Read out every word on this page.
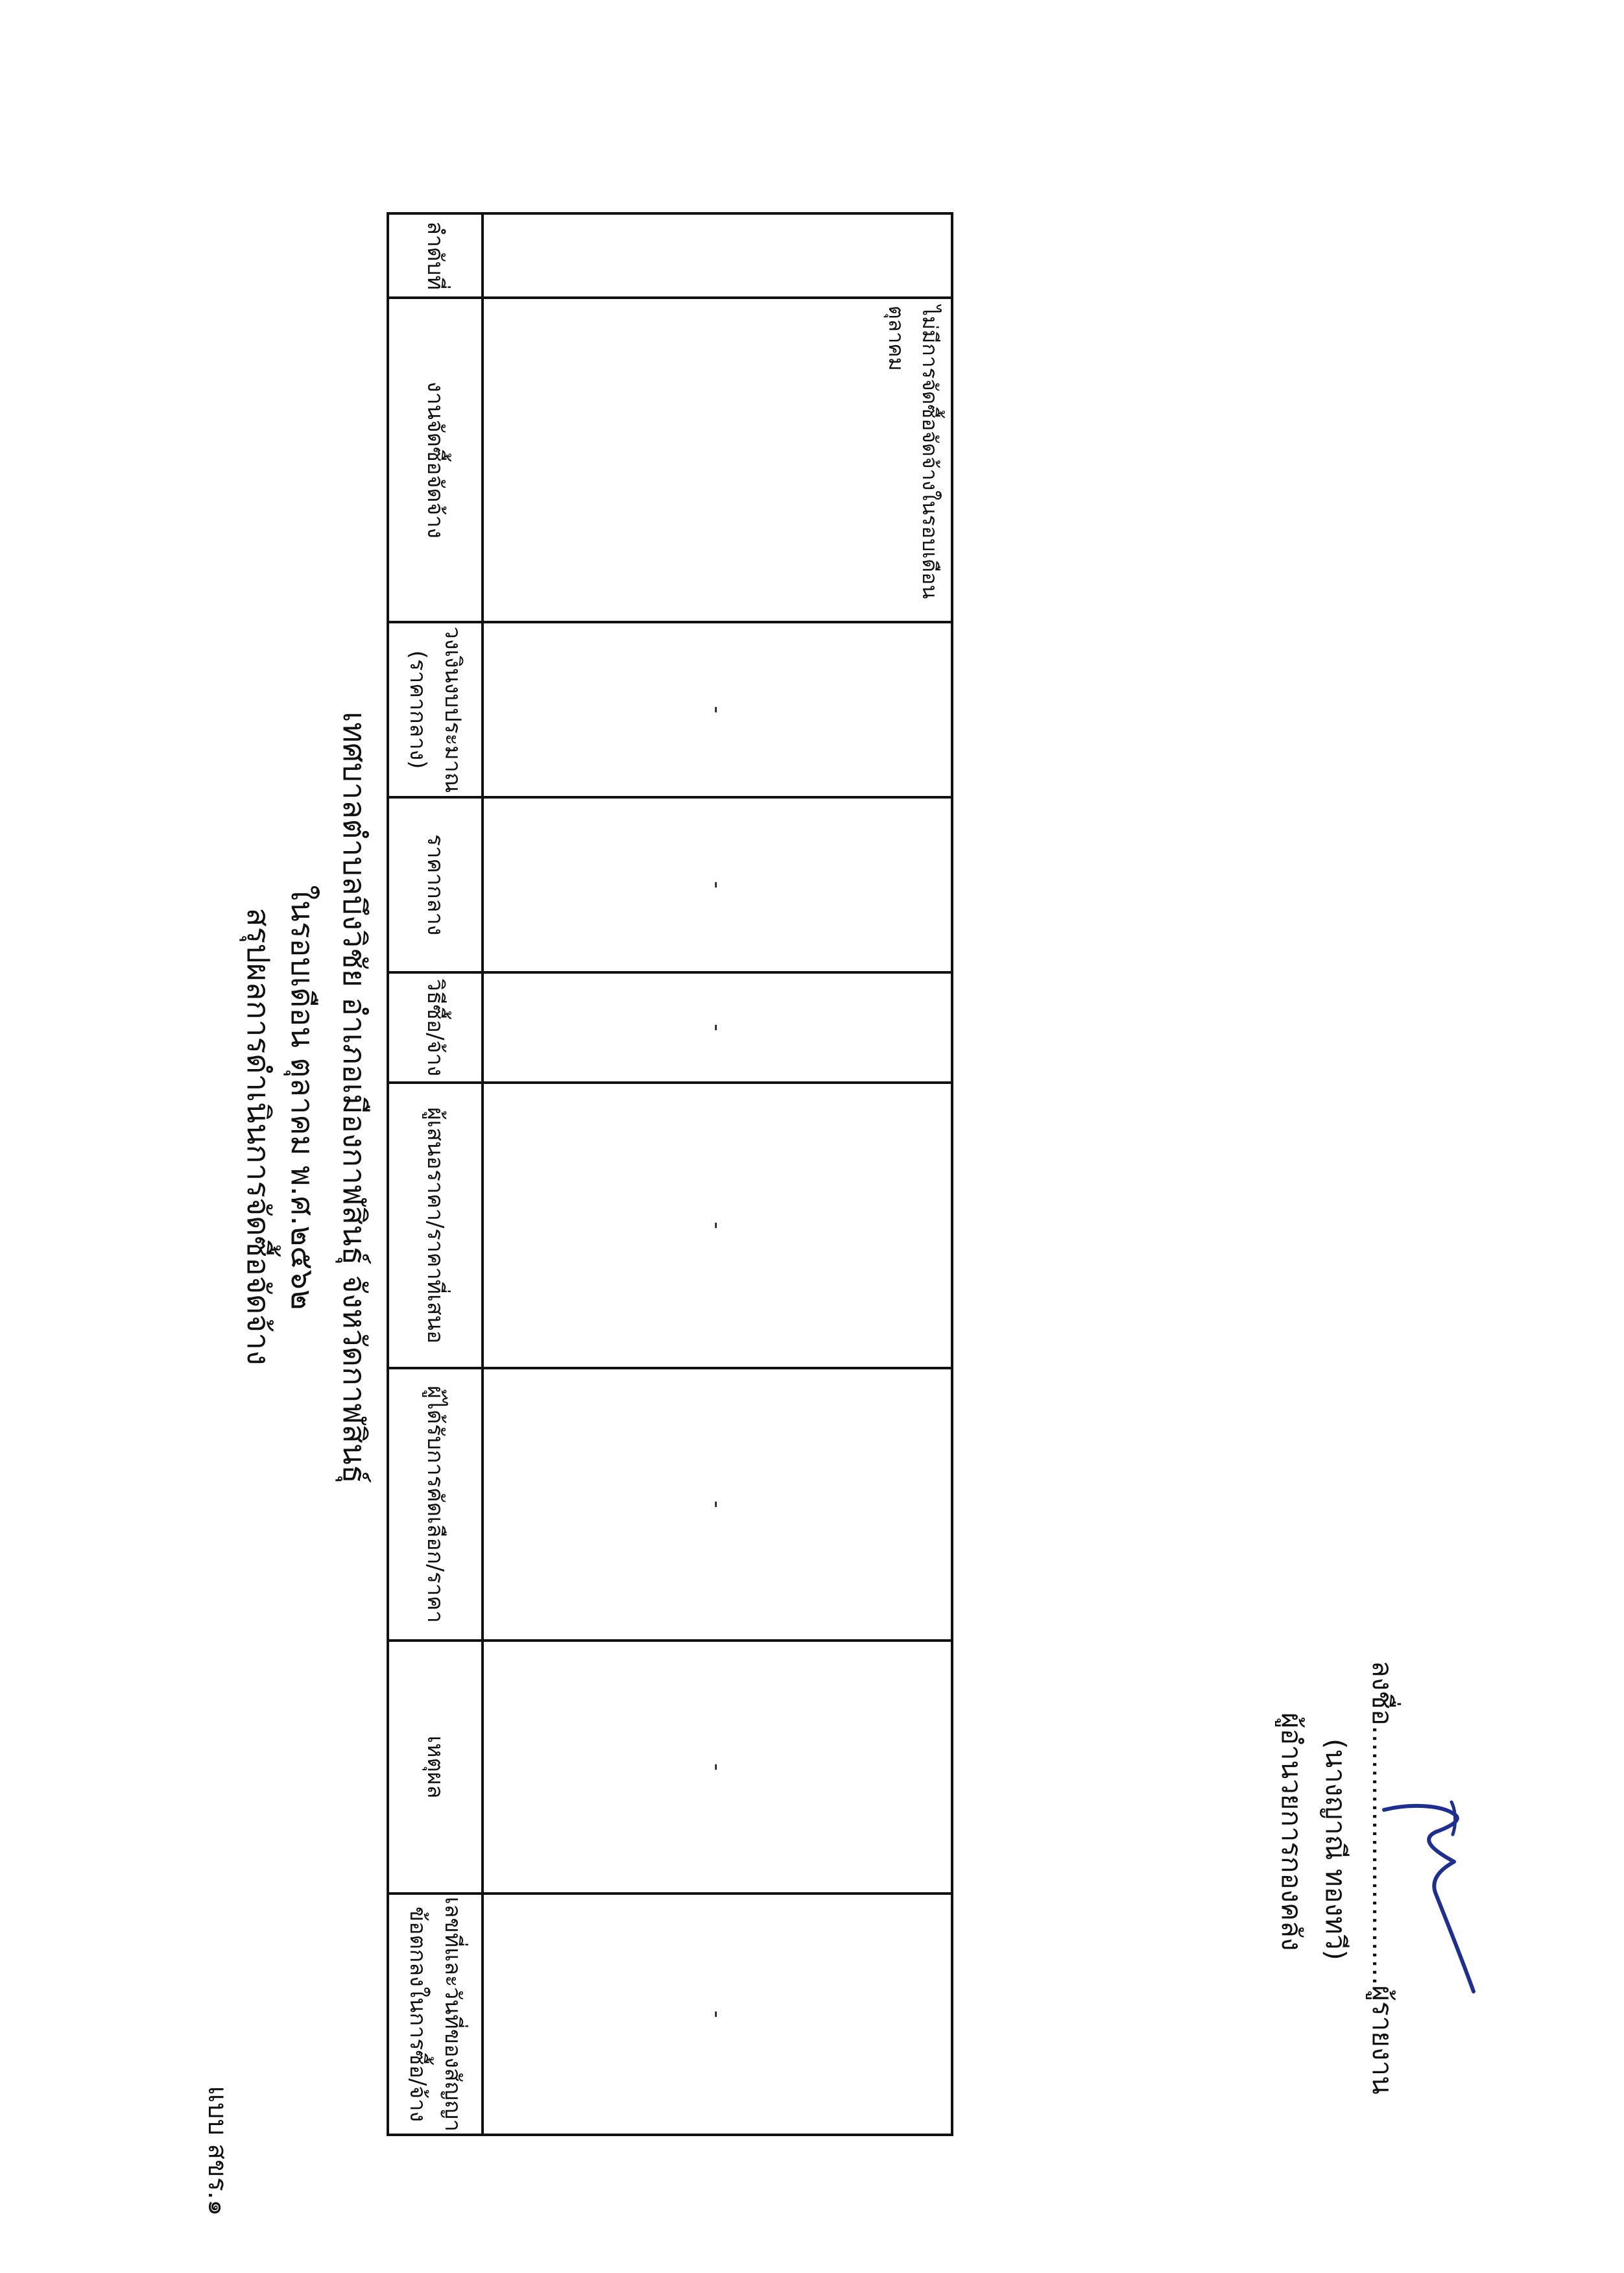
แบบ สขร.๑
สรุปผลการดำเนินการจัดซื้อจัดจ้าง ในรอบเดือน ตุลาคม พ.ศ.๒๕๖๒ เทศบาลตำบลบึงวิชัย อำเภอเมืองกาฬสินธุ์ จังหวัดกาฬสินธุ์
ลำดับที่	งานจัดซื้อจัดจ้าง	วงเงินงบประมาณ (ราคากลาง)	ราคากลาง	วิธีซื้อ/จ้าง	ผู้เสนอราคา/ราคาที่เสนอ	ผู้ได้รับการคัดเลือก/ราคา	เหตุผล	เลขที่และวันที่ของสัญญาข้อตกลงในการซื้อ/จ้าง
	ไม่มีการจัดซื้อจัดจ้างในรอบเดือนตุลาคม	-	-	-	-	-	-	-	ลงชื่อ..............................ผู้รายงาน
(นางญาณี ทองทวี)
ผู้อำนวยการกองคลัง
